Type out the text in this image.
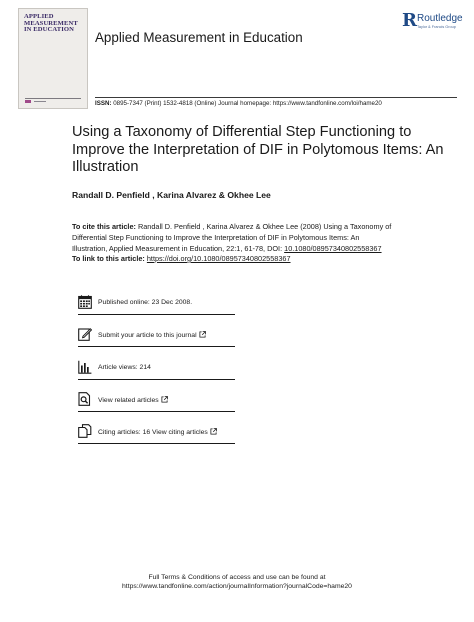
APPLIED
MEASUREMENT
IN EDUCATION
Applied Measurement in Education
R Routledge
Taylor & Francis Group
ISSN: 0895-7347 (Print) 1532-4818 (Online) Journal homepage: https://www.tandfonline.com/loi/hame20
Using a Taxonomy of Differential Step Functioning to Improve the Interpretation of DIF in Polytomous Items: An Illustration
Randall D. Penfield , Karina Alvarez & Okhee Lee
To cite this article: Randall D. Penfield , Karina Alvarez & Okhee Lee (2008) Using a Taxonomy of Differential Step Functioning to Improve the Interpretation of DIF in Polytomous Items: An Illustration, Applied Measurement in Education, 22:1, 61-78, DOI: 10.1080/08957340802558367
To link to this article: https://doi.org/10.1080/08957340802558367
Published online: 23 Dec 2008.
Submit your article to this journal
Article views: 214
View related articles
Citing articles: 16 View citing articles
Full Terms & Conditions of access and use can be found at
https://www.tandfonline.com/action/journalInformation?journalCode=hame20
